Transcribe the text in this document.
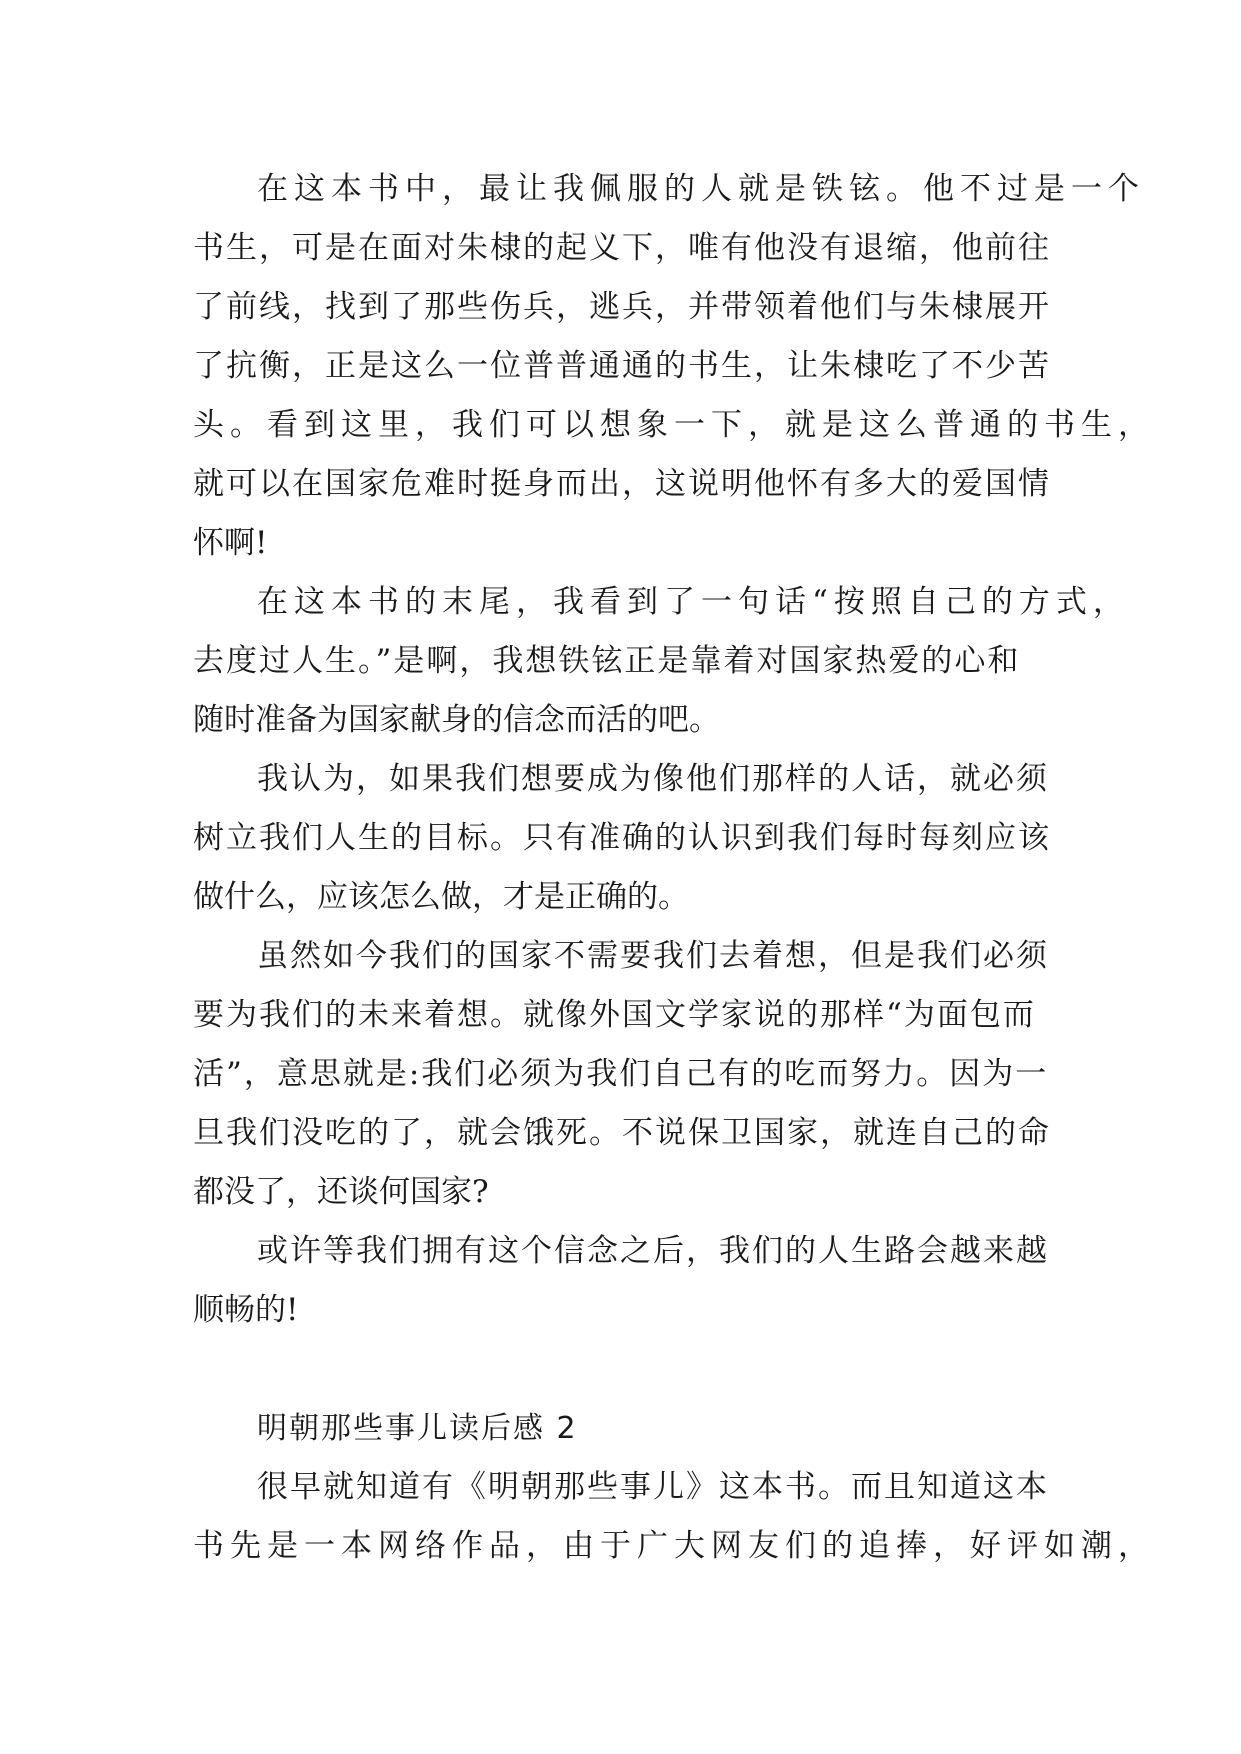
在这本书中，最让我佩服的人就是铁铉。他不过是一个
书生，可是在面对朱棣的起义下，唯有他没有退缩，他前往
了前线，找到了那些伤兵，逃兵，并带领着他们与朱棣展开
了抗衡，正是这么一位普普通通的书生，让朱棣吃了不少苦
头。看到这里，我们可以想象一下，就是这么普通的书生，
就可以在国家危难时挺身而出，这说明他怀有多大的爱国情
怀啊!
在这本书的末尾，我看到了一句话“按照自己的方式，
去度过人生。”是啊，我想铁铉正是靠着对国家热爱的心和
随时准备为国家献身的信念而活的吧。
我认为，如果我们想要成为像他们那样的人话，就必须
树立我们人生的目标。只有准确的认识到我们每时每刻应该
做什么，应该怎么做，才是正确的。
虽然如今我们的国家不需要我们去着想，但是我们必须
要为我们的未来着想。就像外国文学家说的那样“为面包而
活”，意思就是:我们必须为我们自己有的吃而努力。因为一
旦我们没吃的了，就会饿死。不说保卫国家，就连自己的命
都没了，还谈何国家?
或许等我们拥有这个信念之后，我们的人生路会越来越
顺畅的!
明朝那些事儿读后感 2
很早就知道有《明朝那些事儿》这本书。而且知道这本
书先是一本网络作品，由于广大网友们的追捧，好评如潮，
